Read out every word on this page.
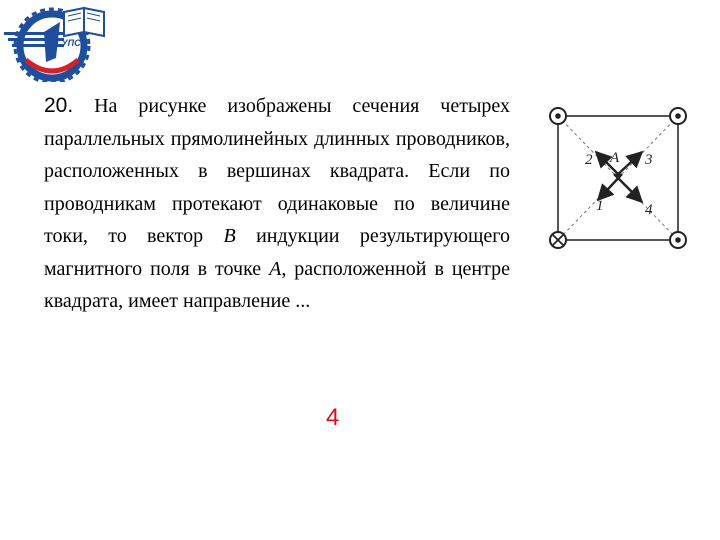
РГУПС
20. На рисунке изображены сечения четырех параллельных прямолинейных длинных проводников, расположенных в вершинах квадрата. Если по проводникам протекают одинаковые по величине токи, то вектор B индукции результирующего магнитного поля в точке A, расположенной в центре квадрата, имеет направление ...
A
1
2	3
4
4
